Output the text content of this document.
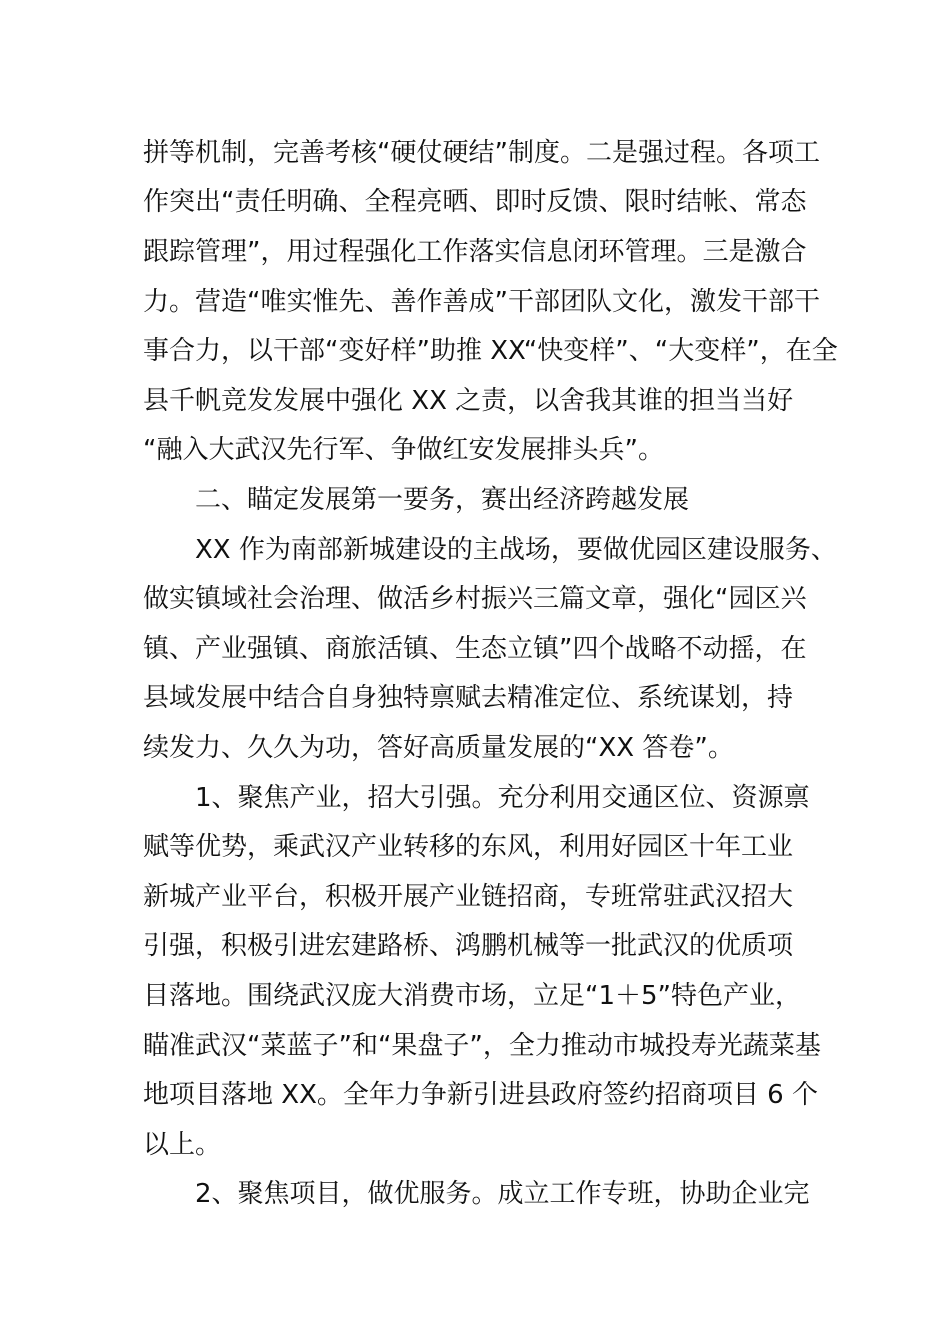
拼等机制，完善考核“硬仗硬结”制度。二是强过程。各项工
作突出“责任明确、全程亮晒、即时反馈、限时结帐、常态
跟踪管理”，用过程强化工作落实信息闭环管理。三是激合
力。营造“唯实惟先、善作善成”干部团队文化，激发干部干
事合力，以干部“变好样”助推 XX“快变样”、“大变样”，在全
县千帆竞发发展中强化 XX 之责，以舍我其谁的担当当好
“融入大武汉先行军、争做红安发展排头兵”。
二、瞄定发展第一要务，赛出经济跨越发展
XX 作为南部新城建设的主战场，要做优园区建设服务、
做实镇域社会治理、做活乡村振兴三篇文章，强化“园区兴
镇、产业强镇、商旅活镇、生态立镇”四个战略不动摇，在
县域发展中结合自身独特禀赋去精准定位、系统谋划，持
续发力、久久为功，答好高质量发展的“XX 答卷”。
1、聚焦产业，招大引强。充分利用交通区位、资源禀
赋等优势，乘武汉产业转移的东风，利用好园区十年工业
新城产业平台，积极开展产业链招商，专班常驻武汉招大
引强，积极引进宏建路桥、鸿鹏机械等一批武汉的优质项
目落地。围绕武汉庞大消费市场，立足“1＋5”特色产业，
瞄准武汉“菜蓝子”和“果盘子”，全力推动市城投寿光蔬菜基
地项目落地 XX。全年力争新引进县政府签约招商项目 6 个
以上。
2、聚焦项目，做优服务。成立工作专班，协助企业完
